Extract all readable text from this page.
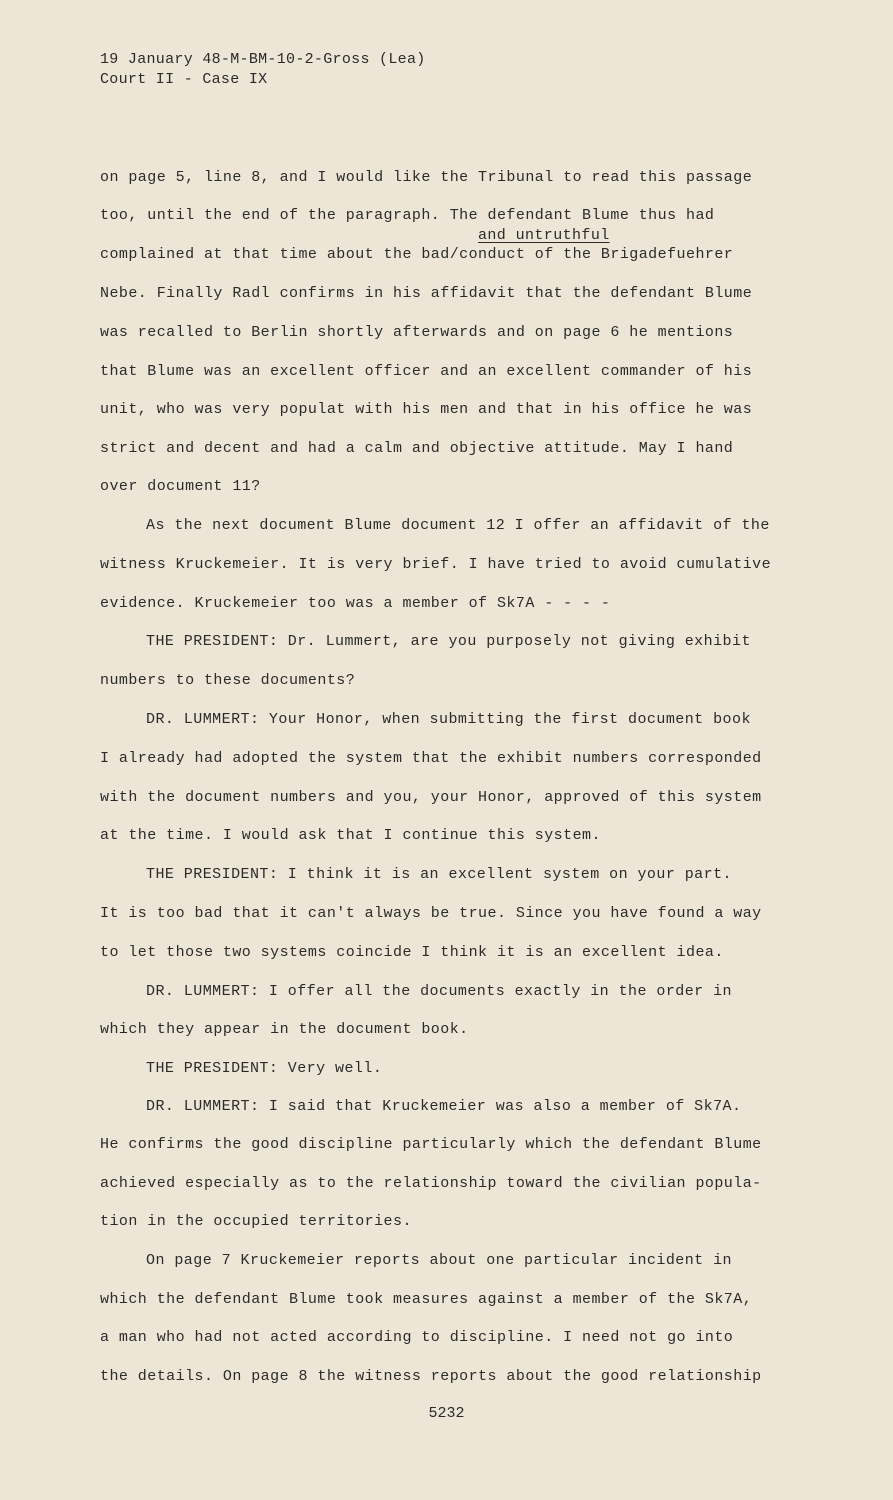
19 January 48-M-BM-10-2-Gross (Lea)
Court II - Case IX
and untruthful
on page 5, line 8, and I would like the Tribunal to read this passage
too, until the end of the paragraph. The defendant Blume thus had
complained at that time about the bad/conduct of the Brigadefuehrer
Nebe. Finally Radl confirms in his affidavit that the defendant Blume
was recalled to Berlin shortly afterwards and on page 6 he mentions
that Blume was an excellent officer and an excellent commander of his
unit, who was very populat with his men and that in his office he was
strict and decent and had a calm and objective attitude. May I hand
over document 11?
As the next document Blume document 12 I offer an affidavit of the
witness Kruckemeier. It is very brief. I have tried to avoid cumulative
evidence. Kruckemeier too was a member of Sk7A - - - -
THE PRESIDENT: Dr. Lummert, are you purposely not giving exhibit
numbers to these documents?
DR. LUMMERT: Your Honor, when submitting the first document book
I already had adopted the system that the exhibit numbers corresponded
with the document numbers and you, your Honor, approved of this system
at the time. I would ask that I continue this system.
THE PRESIDENT: I think it is an excellent system on your part.
It is too bad that it can't always be true. Since you have found a way
to let those two systems coincide I think it is an excellent idea.
DR. LUMMERT: I offer all the documents exactly in the order in
which they appear in the document book.
THE PRESIDENT: Very well.
DR. LUMMERT: I said that Kruckemeier was also a member of Sk7A.
He confirms the good discipline particularly which the defendant Blume
achieved especially as to the relationship toward the civilian popula-
tion in the occupied territories.
On page 7 Kruckemeier reports about one particular incident in
which the defendant Blume took measures against a member of the Sk7A,
a man who had not acted according to discipline. I need not go into
the details. On page 8 the witness reports about the good relationship
5232
